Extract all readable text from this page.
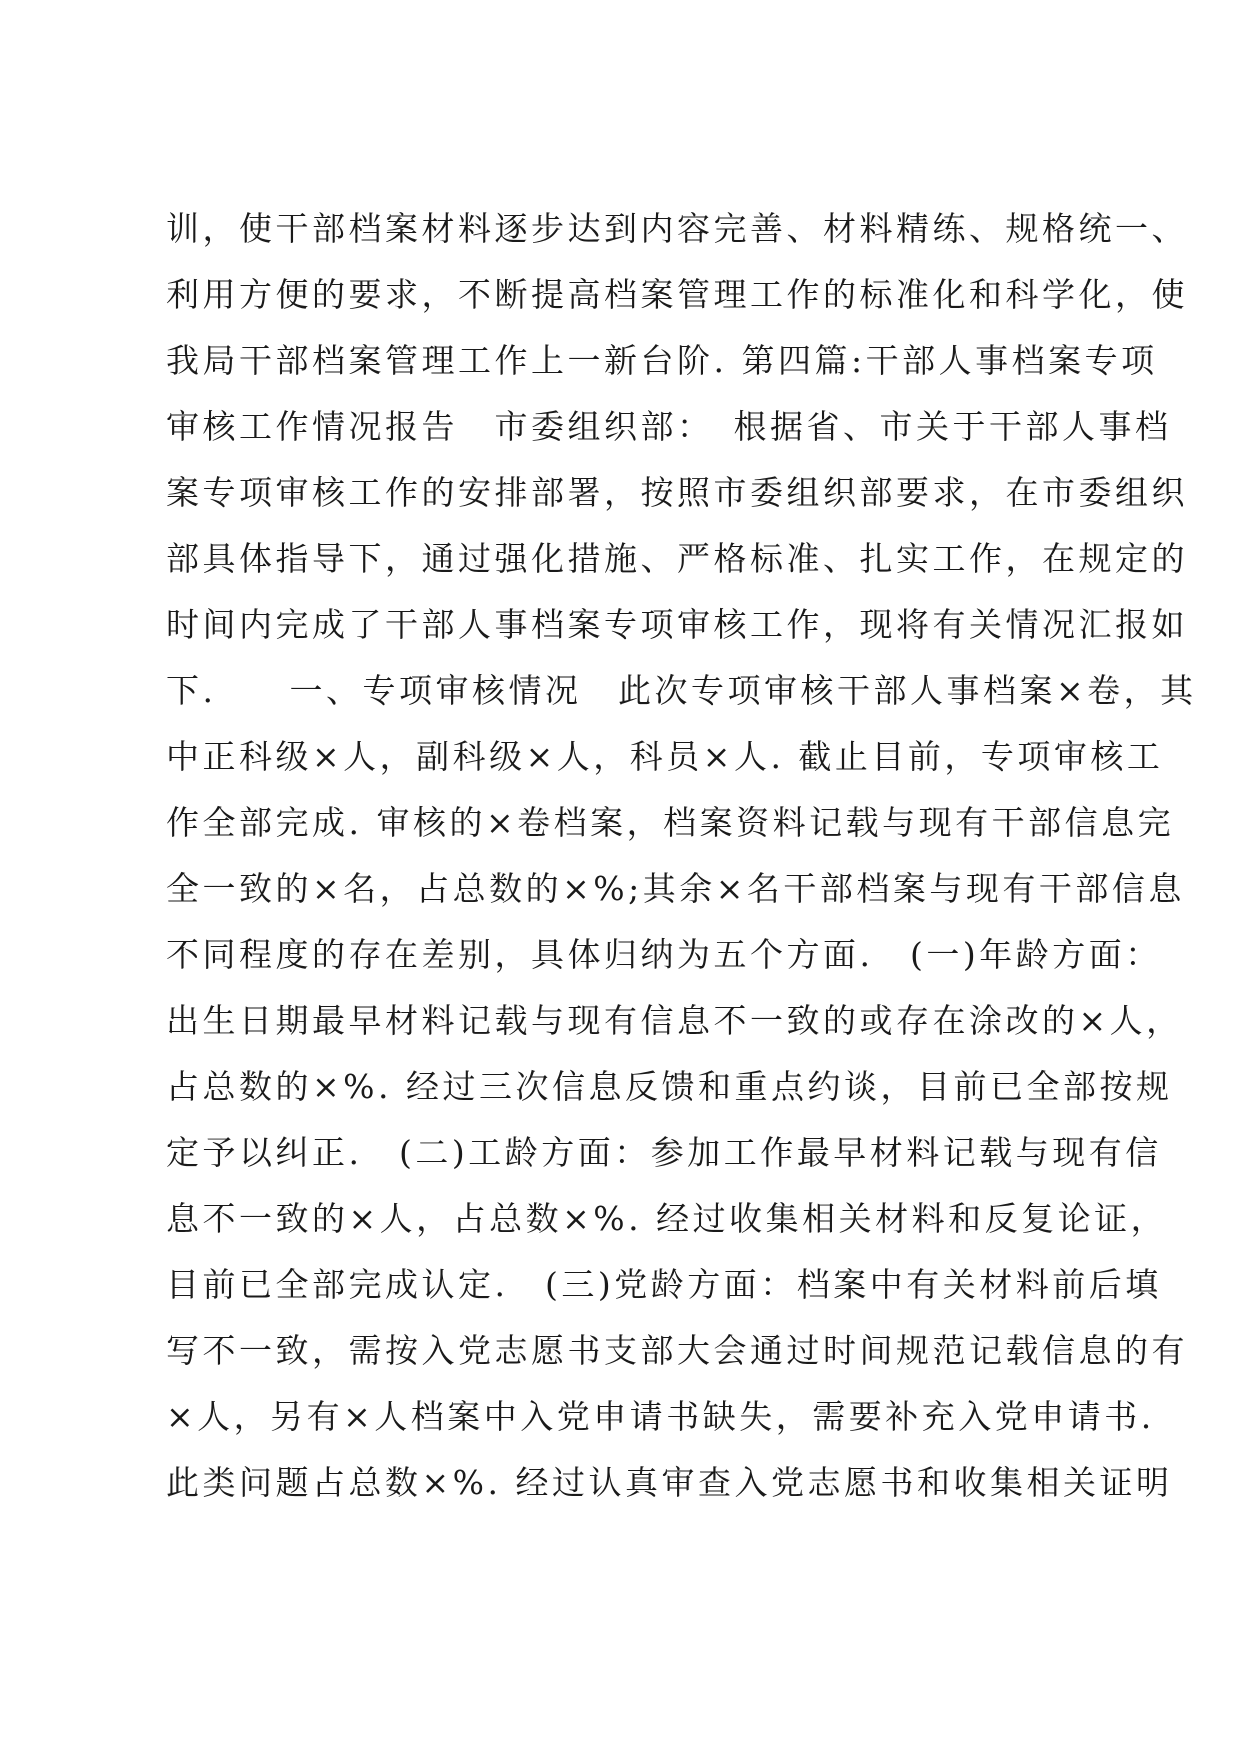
训，使干部档案材料逐步达到内容完善、材料精练、规格统一、
利用方便的要求，不断提高档案管理工作的标准化和科学化，使
我局干部档案管理工作上一新台阶. 第四篇:干部人事档案专项
审核工作情况报告　市委组织部：　根据省、市关于干部人事档
案专项审核工作的安排部署，按照市委组织部要求，在市委组织
部具体指导下，通过强化措施、严格标准、扎实工作，在规定的
时间内完成了干部人事档案专项审核工作，现将有关情况汇报如
下.　　一、专项审核情况　此次专项审核干部人事档案×卷，其
中正科级×人，副科级×人，科员×人. 截止目前，专项审核工
作全部完成. 审核的×卷档案，档案资料记载与现有干部信息完
全一致的×名，占总数的×%;其余×名干部档案与现有干部信息
不同程度的存在差别，具体归纳为五个方面.　(一)年龄方面：
出生日期最早材料记载与现有信息不一致的或存在涂改的×人，
占总数的×%. 经过三次信息反馈和重点约谈，目前已全部按规
定予以纠正.　(二)工龄方面：参加工作最早材料记载与现有信
息不一致的×人，占总数×%. 经过收集相关材料和反复论证，
目前已全部完成认定.　(三)党龄方面：档案中有关材料前后填
写不一致，需按入党志愿书支部大会通过时间规范记载信息的有
×人，另有×人档案中入党申请书缺失，需要补充入党申请书.
此类问题占总数×%. 经过认真审查入党志愿书和收集相关证明
